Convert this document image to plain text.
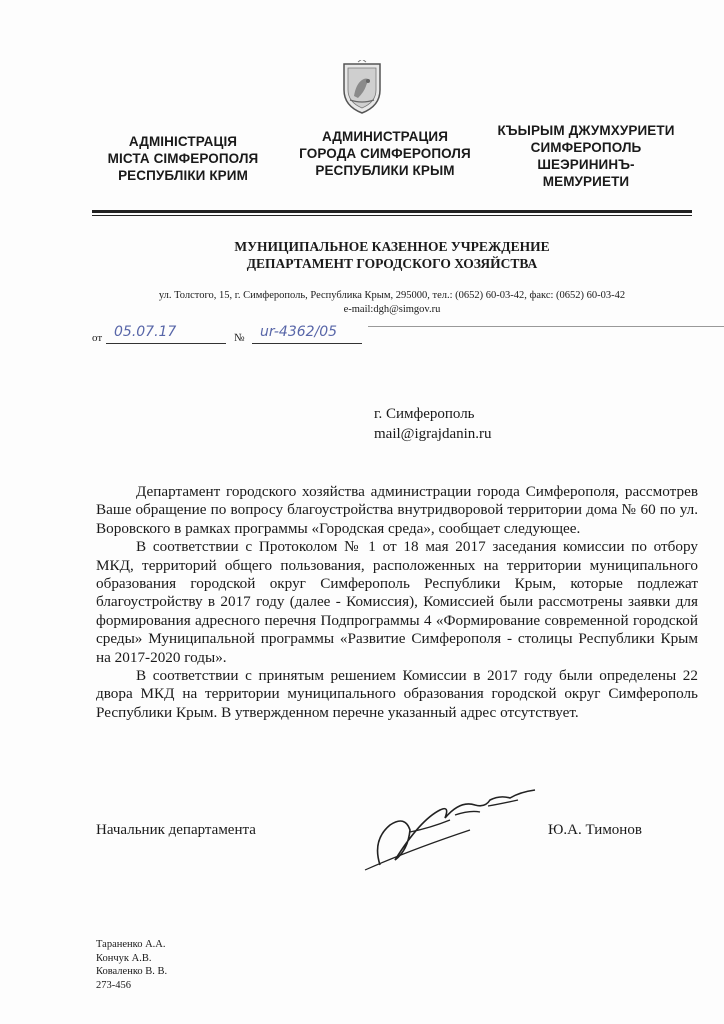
АДМІНІСТРАЦІЯ
МІСТА СІМФЕРОПОЛЯ
РЕСПУБЛІКИ КРИМ
АДМИНИСТРАЦИЯ
ГОРОДА СИМФЕРОПОЛЯ
РЕСПУБЛИКИ КРЫМ
КЪЫРЫМ ДЖУМХУРИЕТИ
СИМФЕРОПОЛЬ
ШЕЭРИНИНЪ-
МЕМУРИЕТИ
МУНИЦИПАЛЬНОЕ КАЗЕННОЕ УЧРЕЖДЕНИЕ
ДЕПАРТАМЕНТ ГОРОДСКОГО ХОЗЯЙСТВА
ул. Толстого, 15, г. Симферополь, Республика Крым, 295000, тел.: (0652) 60-03-42, факс: (0652) 60-03-42
e-mail:dgh@simgov.ru
от 05.07.17	№ ur-4362/05
г. Симферополь
mail@igrajdanin.ru

Департамент городского хозяйства администрации города Симферополя, рассмотрев Ваше обращение по вопросу благоустройства внутридворовой территории дома № 60 по ул. Воровского в рамках программы «Городская среда», сообщает следующее.

В соответствии с Протоколом № 1 от 18 мая 2017 заседания комиссии по отбору МКД, территорий общего пользования, расположенных на территории муниципального образования городской округ Симферополь Республики Крым, которые подлежат благоустройству в 2017 году (далее - Комиссия), Комиссией были рассмотрены заявки для формирования адресного перечня Подпрограммы 4 «Формирование современной городской среды» Муниципальной программы «Развитие Симферополя - столицы Республики Крым на 2017-2020 годы».

В соответствии с принятым решением Комиссии в 2017 году были определены 22 двора МКД на территории муниципального образования городской округ Симферополь Республики Крым. В утвержденном перечне указанный адрес отсутствует.

Начальник департамента	Ю.А. Тимонов
Тараненко А.А.
Кончук А.В.
Коваленко В. В.
273-456
